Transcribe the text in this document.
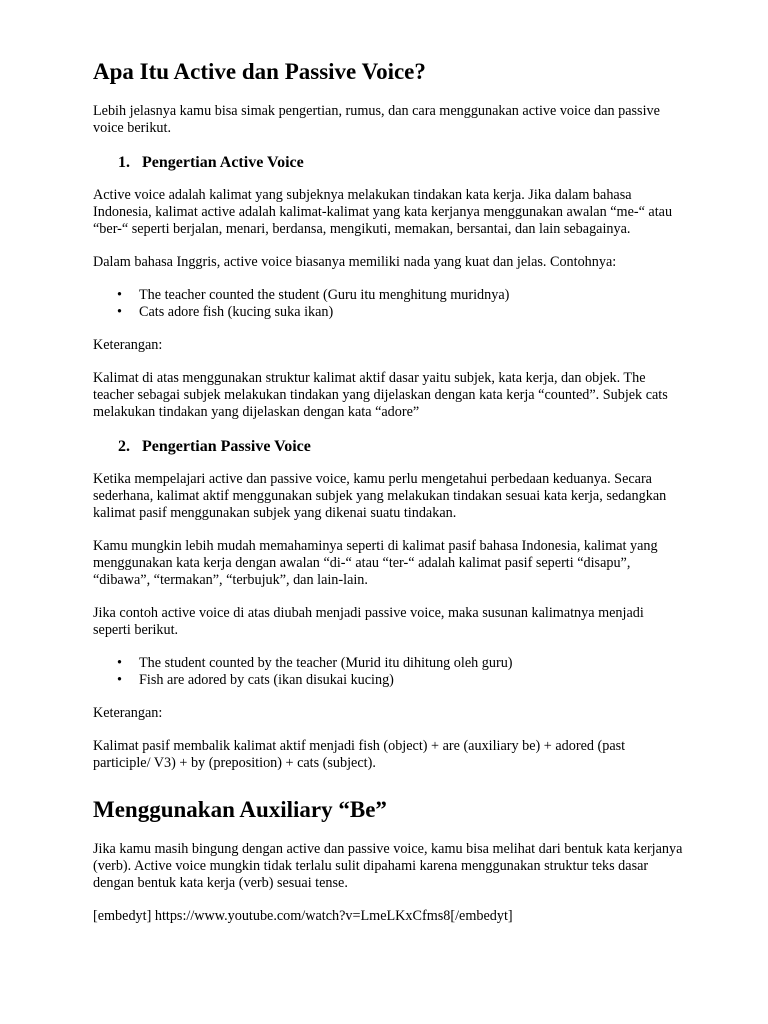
Apa Itu Active dan Passive Voice?

Lebih jelasnya kamu bisa simak pengertian, rumus, dan cara menggunakan active voice dan passive voice berikut.

1. Pengertian Active Voice

Active voice adalah kalimat yang subjeknya melakukan tindakan kata kerja. Jika dalam bahasa Indonesia, kalimat active adalah kalimat-kalimat yang kata kerjanya menggunakan awalan “me-“ atau “ber-“ seperti berjalan, menari, berdansa, mengikuti, memakan, bersantai, dan lain sebagainya.

Dalam bahasa Inggris, active voice biasanya memiliki nada yang kuat dan jelas. Contohnya:

• The teacher counted the student (Guru itu menghitung muridnya)
• Cats adore fish (kucing suka ikan)

Keterangan:

Kalimat di atas menggunakan struktur kalimat aktif dasar yaitu subjek, kata kerja, dan objek. The teacher sebagai subjek melakukan tindakan yang dijelaskan dengan kata kerja “counted”. Subjek cats melakukan tindakan yang dijelaskan dengan kata “adore”

2. Pengertian Passive Voice

Ketika mempelajari active dan passive voice, kamu perlu mengetahui perbedaan keduanya. Secara sederhana, kalimat aktif menggunakan subjek yang melakukan tindakan sesuai kata kerja, sedangkan kalimat pasif menggunakan subjek yang dikenai suatu tindakan.

Kamu mungkin lebih mudah memahaminya seperti di kalimat pasif bahasa Indonesia, kalimat yang menggunakan kata kerja dengan awalan “di-“ atau “ter-“ adalah kalimat pasif seperti “disapu”, “dibawa”, “termakan”, “terbujuk”, dan lain-lain.

Jika contoh active voice di atas diubah menjadi passive voice, maka susunan kalimatnya menjadi seperti berikut.

• The student counted by the teacher (Murid itu dihitung oleh guru)
• Fish are adored by cats (ikan disukai kucing)

Keterangan:

Kalimat pasif membalik kalimat aktif menjadi fish (object) + are (auxiliary be) + adored (past participle/ V3) + by (preposition) + cats (subject).

Menggunakan Auxiliary “Be”

Jika kamu masih bingung dengan active dan passive voice, kamu bisa melihat dari bentuk kata kerjanya (verb). Active voice mungkin tidak terlalu sulit dipahami karena menggunakan struktur teks dasar dengan bentuk kata kerja (verb) sesuai tense.

[embedyt] https://www.youtube.com/watch?v=LmeLKxCfms8[/embedyt]
